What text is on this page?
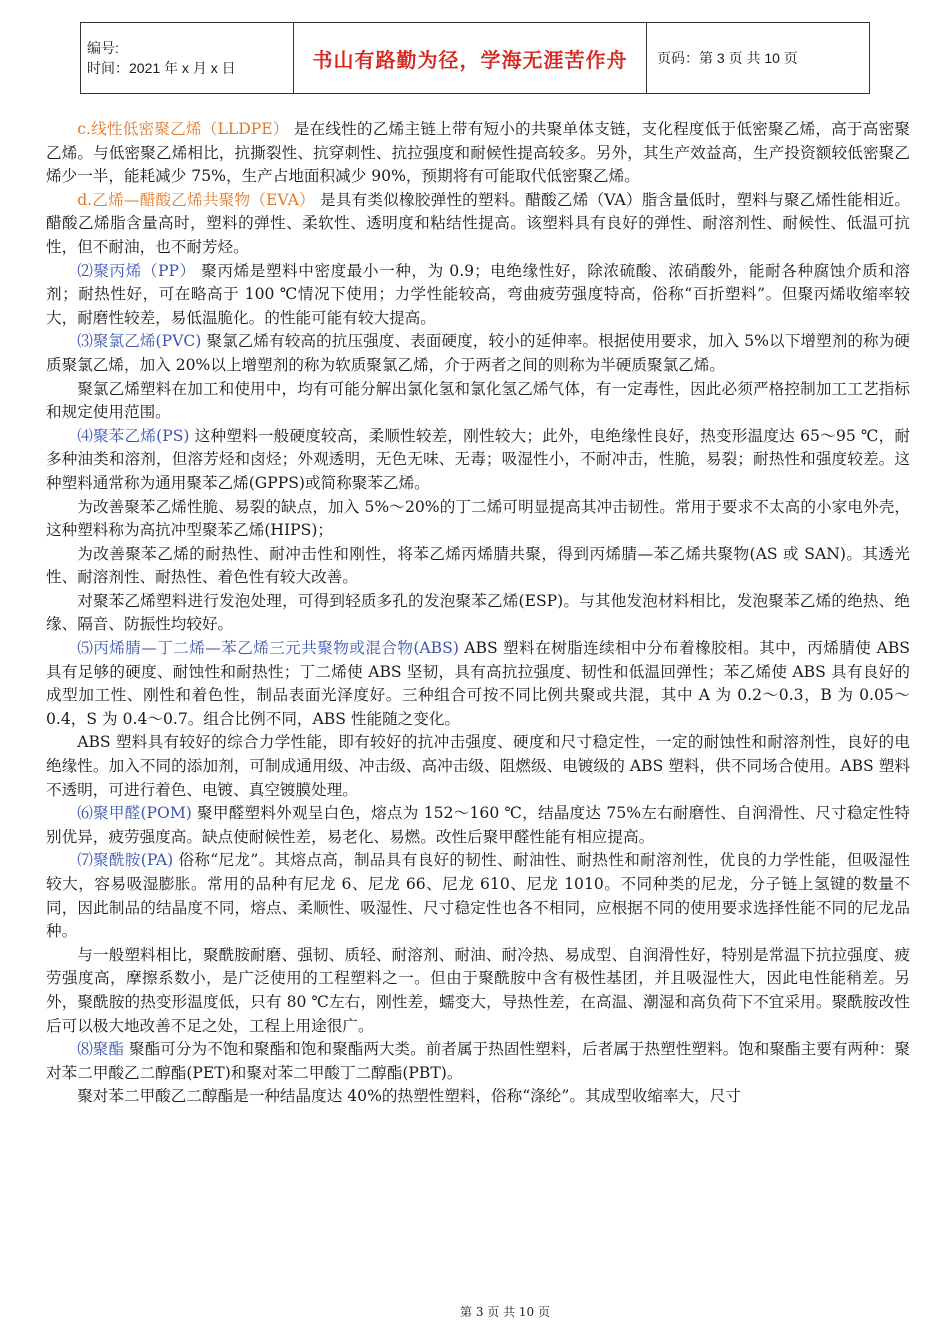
编号:
时间：2021 年 x 月 x 日	书山有路勤为径，学海无涯苦作舟	页码：第 3 页 共 10 页

c.线性低密聚乙烯（LLDPE） 是在线性的乙烯主链上带有短小的共聚单体支链，支化程度低于低密聚乙烯，高于高密聚乙烯。与低密聚乙烯相比，抗撕裂性、抗穿刺性、抗拉强度和耐候性提高较多。另外，其生产效益高，生产投资额较低密聚乙烯少一半，能耗减少 75%，生产占地面积减少 90%，预期将有可能取代低密聚乙烯。

d.乙烯—醋酸乙烯共聚物（EVA） 是具有类似橡胶弹性的塑料。醋酸乙烯（VA）脂含量低时，塑料与聚乙烯性能相近。醋酸乙烯脂含量高时，塑料的弹性、柔软性、透明度和粘结性提高。该塑料具有良好的弹性、耐溶剂性、耐候性、低温可抗性，但不耐油，也不耐芳烃。

⑵聚丙烯（PP） 聚丙烯是塑料中密度最小一种，为 0.9；电绝缘性好，除浓硫酸、浓硝酸外，能耐各种腐蚀介质和溶剂；耐热性好，可在略高于 100 ℃情况下使用；力学性能较高，弯曲疲劳强度特高，俗称“百折塑料”。但聚丙烯收缩率较大，耐磨性较差，易低温脆化。的性能可能有较大提高。

⑶聚氯乙烯(PVC) 聚氯乙烯有较高的抗压强度、表面硬度，较小的延伸率。根据使用要求，加入 5%以下增塑剂的称为硬质聚氯乙烯，加入 20%以上增塑剂的称为软质聚氯乙烯，介于两者之间的则称为半硬质聚氯乙烯。

聚氯乙烯塑料在加工和使用中，均有可能分解出氯化氢和氯化氢乙烯气体，有一定毒性，因此必须严格控制加工工艺指标和规定使用范围。

⑷聚苯乙烯(PS) 这种塑料一般硬度较高，柔顺性较差，刚性较大；此外，电绝缘性良好，热变形温度达 65～95 ℃，耐多种油类和溶剂，但溶芳烃和卤烃；外观透明，无色无味、无毒；吸湿性小，不耐冲击，性脆，易裂；耐热性和强度较差。这种塑料通常称为通用聚苯乙烯(GPPS)或简称聚苯乙烯。

为改善聚苯乙烯性脆、易裂的缺点，加入 5%～20%的丁二烯可明显提高其冲击韧性。常用于要求不太高的小家电外壳，这种塑料称为高抗冲型聚苯乙烯(HIPS)；

为改善聚苯乙烯的耐热性、耐冲击性和刚性，将苯乙烯丙烯腈共聚，得到丙烯腈—苯乙烯共聚物(AS 或 SAN)。其透光性、耐溶剂性、耐热性、着色性有较大改善。

对聚苯乙烯塑料进行发泡处理，可得到轻质多孔的发泡聚苯乙烯(ESP)。与其他发泡材料相比，发泡聚苯乙烯的绝热、绝缘、隔音、防振性均较好。

⑸丙烯腈—丁二烯—苯乙烯三元共聚物或混合物(ABS) ABS 塑料在树脂连续相中分布着橡胶相。其中，丙烯腈使 ABS 具有足够的硬度、耐蚀性和耐热性；丁二烯使 ABS 坚韧，具有高抗拉强度、韧性和低温回弹性；苯乙烯使 ABS 具有良好的成型加工性、刚性和着色性，制品表面光泽度好。三种组合可按不同比例共聚或共混，其中 A 为 0.2～0.3，B 为 0.05～0.4，S 为 0.4～0.7。组合比例不同，ABS 性能随之变化。

ABS 塑料具有较好的综合力学性能，即有较好的抗冲击强度、硬度和尺寸稳定性，一定的耐蚀性和耐溶剂性，良好的电绝缘性。加入不同的添加剂，可制成通用级、冲击级、高冲击级、阻燃级、电镀级的 ABS 塑料，供不同场合使用。ABS 塑料不透明，可进行着色、电镀、真空镀膜处理。

⑹聚甲醛(POM) 聚甲醛塑料外观呈白色，熔点为 152～160 ℃，结晶度达 75%左右耐磨性、自润滑性、尺寸稳定性特别优异，疲劳强度高。缺点使耐候性差，易老化、易燃。改性后聚甲醛性能有相应提高。

⑺聚酰胺(PA) 俗称“尼龙”。其熔点高，制品具有良好的韧性、耐油性、耐热性和耐溶剂性，优良的力学性能，但吸湿性较大，容易吸湿膨胀。常用的品种有尼龙 6、尼龙 66、尼龙 610、尼龙 1010。不同种类的尼龙，分子链上氢键的数量不同，因此制品的结晶度不同，熔点、柔顺性、吸湿性、尺寸稳定性也各不相同，应根据不同的使用要求选择性能不同的尼龙品种。

与一般塑料相比，聚酰胺耐磨、强韧、质轻、耐溶剂、耐油、耐冷热、易成型、自润滑性好，特别是常温下抗拉强度、疲劳强度高，摩擦系数小，是广泛使用的工程塑料之一。但由于聚酰胺中含有极性基团，并且吸湿性大，因此电性能稍差。另外，聚酰胺的热变形温度低，只有 80 ℃左右，刚性差，蠕变大，导热性差，在高温、潮湿和高负荷下不宜采用。聚酰胺改性后可以极大地改善不足之处，工程上用途很广。

⑻聚酯 聚酯可分为不饱和聚酯和饱和聚酯两大类。前者属于热固性塑料，后者属于热塑性塑料。饱和聚酯主要有两种：聚对苯二甲酸乙二醇酯(PET)和聚对苯二甲酸丁二醇酯(PBT)。

聚对苯二甲酸乙二醇酯是一种结晶度达 40%的热塑性塑料，俗称“涤纶”。其成型收缩率大，尺寸

第 3 页 共 10 页
